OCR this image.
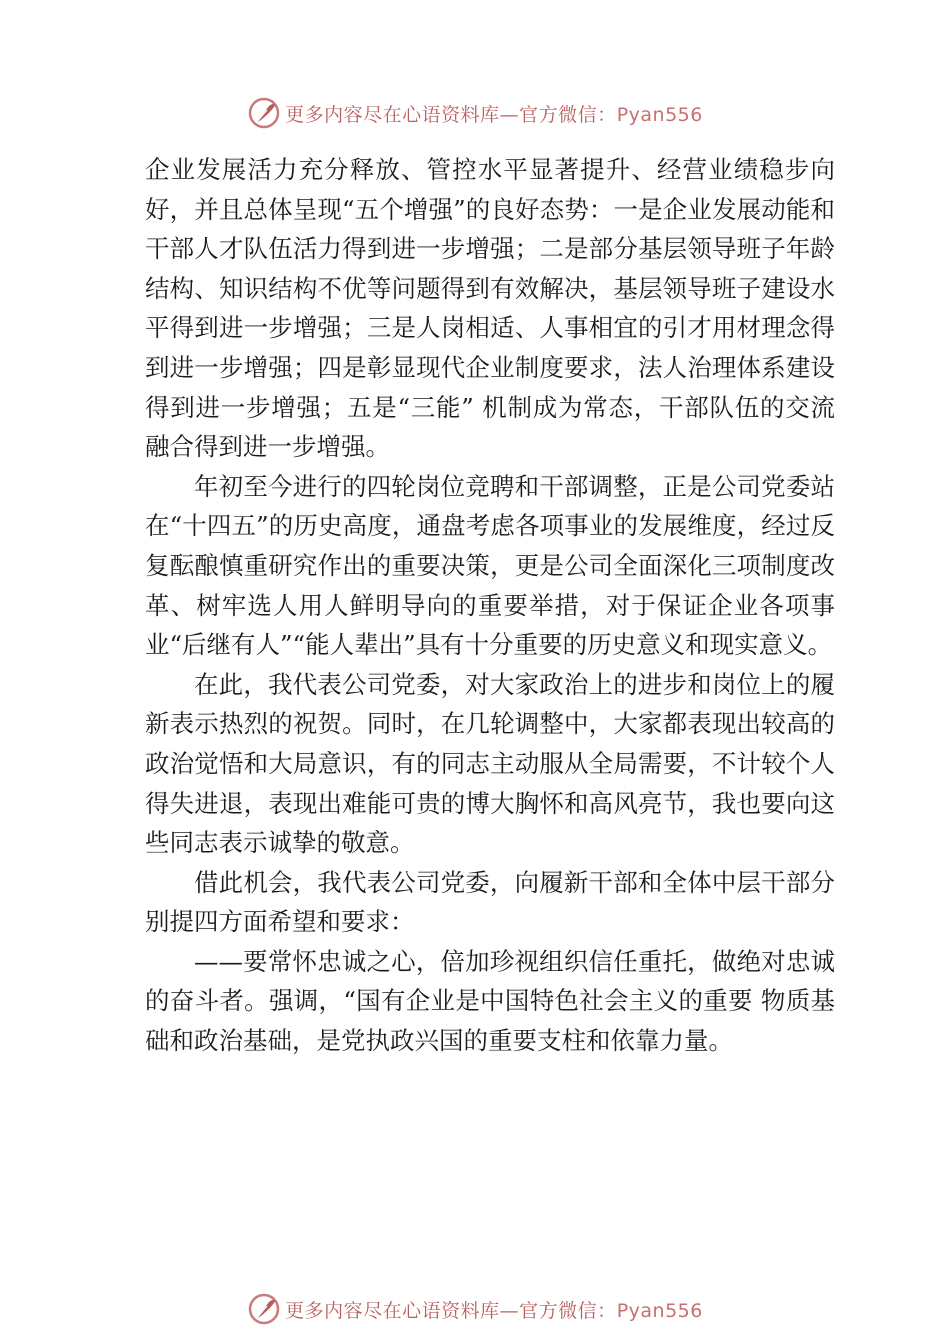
更多内容尽在心语资料库—官方微信：Pyan556

企业发展活力充分释放、管控水平显著提升、经营业绩稳步向好，并且总体呈现“五个增强”的良好态势：一是企业发展动能和干部人才队伍活力得到进一步增强；二是部分基层领导班子年龄结构、知识结构不优等问题得到有效解决，基层领导班子建设水平得到进一步增强；三是人岗相适、人事相宜的引才用材理念得到进一步增强；四是彰显现代企业制度要求，法人治理体系建设得到进一步增强；五是“三能” 机制成为常态，干部队伍的交流融合得到进一步增强。

年初至今进行的四轮岗位竞聘和干部调整，正是公司党委站在“十四五”的历史高度，通盘考虑各项事业的发展维度，经过反复酝酿慎重研究作出的重要决策，更是公司全面深化三项制度改革、树牢选人用人鲜明导向的重要举措，对于保证企业各项事业“后继有人”“能人辈出”具有十分重要的历史意义和现实意义。

在此，我代表公司党委，对大家政治上的进步和岗位上的履新表示热烈的祝贺。同时，在几轮调整中，大家都表现出较高的政治觉悟和大局意识，有的同志主动服从全局需要，不计较个人得失进退，表现出难能可贵的博大胸怀和高风亮节，我也要向这些同志表示诚挚的敬意。

借此机会，我代表公司党委，向履新干部和全体中层干部分别提四方面希望和要求：

——要常怀忠诚之心，倍加珍视组织信任重托，做绝对忠诚的奋斗者。强调，“国有企业是中国特色社会主义的重要 物质基础和政治基础，是党执政兴国的重要支柱和依靠力量。

更多内容尽在心语资料库—官方微信：Pyan556
